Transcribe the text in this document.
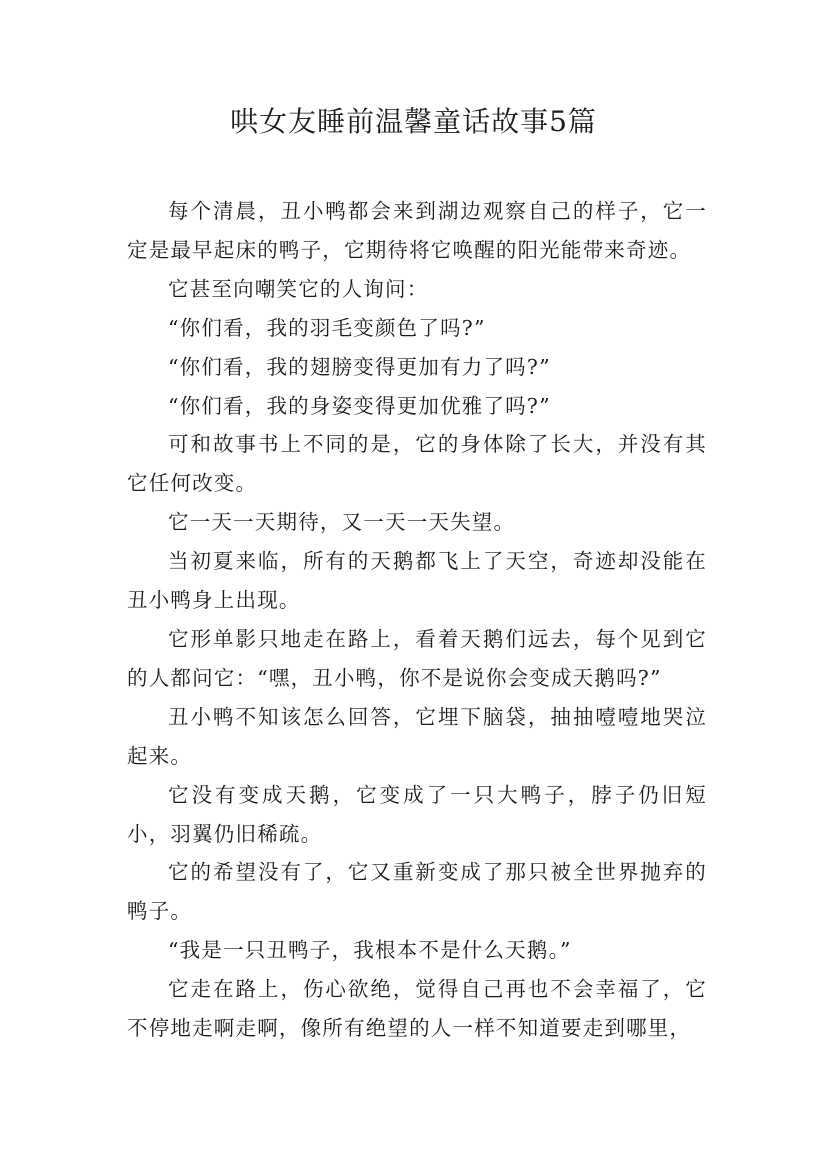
哄女友睡前温馨童话故事5篇

每个清晨，丑小鸭都会来到湖边观察自己的样子，它一定是最早起床的鸭子，它期待将它唤醒的阳光能带来奇迹。

它甚至向嘲笑它的人询问：

“你们看，我的羽毛变颜色了吗?”

“你们看，我的翅膀变得更加有力了吗?”

“你们看，我的身姿变得更加优雅了吗?”

可和故事书上不同的是，它的身体除了长大，并没有其它任何改变。

它一天一天期待，又一天一天失望。

当初夏来临，所有的天鹅都飞上了天空，奇迹却没能在丑小鸭身上出现。

它形单影只地走在路上，看着天鹅们远去，每个见到它的人都问它：“嘿，丑小鸭，你不是说你会变成天鹅吗?”

丑小鸭不知该怎么回答，它埋下脑袋，抽抽噎噎地哭泣起来。

它没有变成天鹅，它变成了一只大鸭子，脖子仍旧短小，羽翼仍旧稀疏。

它的希望没有了，它又重新变成了那只被全世界抛弃的鸭子。

“我是一只丑鸭子，我根本不是什么天鹅。”

它走在路上，伤心欲绝，觉得自己再也不会幸福了，它不停地走啊走啊，像所有绝望的人一样不知道要走到哪里，
